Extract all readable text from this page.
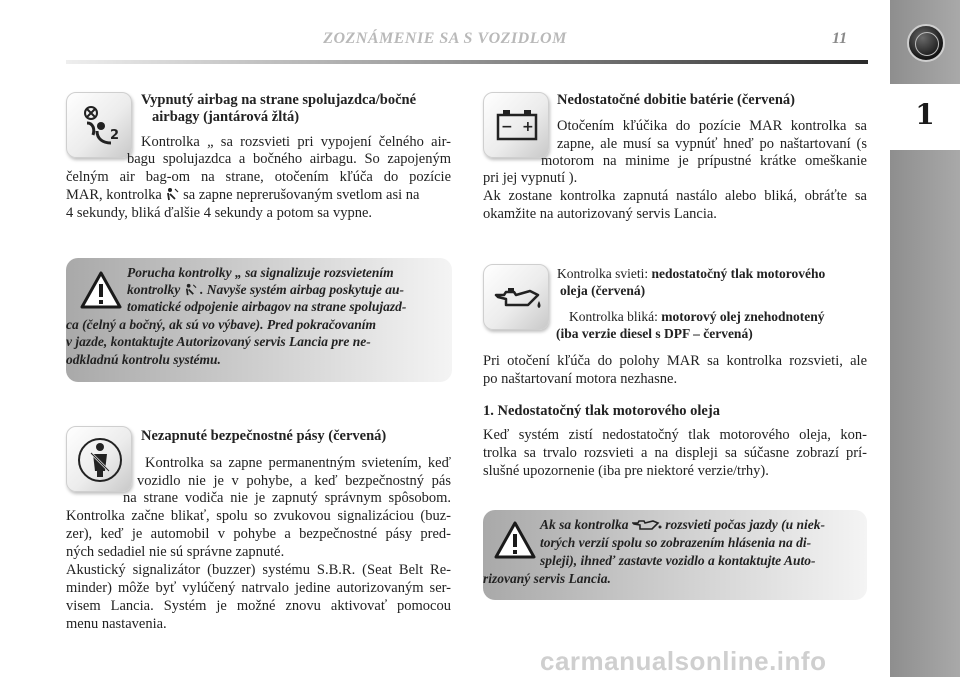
ZOZNÁMENIE SA S VOZIDLOM	11
1
2
Vypnutý airbag na strane spolujazdca/bočné
airbagy (jantárová žltá)
Kontrolka „ sa rozsvieti pri vypojení čelného air-
bagu spolujazdca a bočného airbagu. So zapojeným
čelným air bag-om na strane, otočením kľúča do pozície
MAR, kontrolka sa zapne neprerušovaným svetlom asi na
4 sekundy, bliká ďalšie 4 sekundy a potom sa vypne.
Porucha kontrolky „ sa signalizuje rozsvietením
kontrolky . Navyše systém airbag poskytuje au-
tomatické odpojenie airbagov na strane spolujazd-
ca (čelný a bočný, ak sú vo výbave). Pred pokračovaním
v jazde, kontaktujte Autorizovaný servis Lancia pre ne-
odkladnú kontrolu systému.
Nezapnuté bezpečnostné pásy (červená)
Kontrolka sa zapne permanentným svietením, keď
vozidlo nie je v pohybe, a keď bezpečnostný pás
na strane vodiča nie je zapnutý správnym spôsobom.
Kontrolka začne blikať, spolu so zvukovou signalizáciou (buz-
zer), keď je automobil v pohybe a bezpečnostné pásy pred-
ných sedadiel nie sú správne zapnuté.
Akustický signalizátor (buzzer) systému S.B.R. (Seat Belt Re-
minder) môže byť vylúčený natrvalo jedine autorizovaným ser-
visem Lancia. Systém je možné znovu aktivovať pomocou
menu nastavenia.
− +
Nedostatočné dobitie batérie (červená)
Otočením kľúčika do pozície MAR kontrolka sa
zapne, ale musí sa vypnúť hneď po naštartovaní (s
motorom na minime je prípustné krátke omeškanie
pri jej vypnutí ).
Ak zostane kontrolka zapnutá nastálo alebo bliká, obráťte sa
okamžite na autorizovaný servis Lancia.
Kontrolka svieti: nedostatočný tlak motorového
oleja (červená)
Kontrolka bliká: motorový olej znehodnotený
(iba verzie diesel s DPF – červená)
Pri otočení kľúča do polohy MAR sa kontrolka rozsvieti, ale
po naštartovaní motora nezhasne.
1. Nedostatočný tlak motorového oleja
Keď systém zistí nedostatočný tlak motorového oleja, kon-
trolka sa trvalo rozsvieti a na displeji sa súčasne zobrazí prí-
slušné upozornenie (iba pre niektoré verzie/trhy).
Ak sa kontrolka	rozsvieti počas jazdy (u niek-
torých verzií spolu so zobrazením hlásenia na di-
spleji), ihneď zastavte vozidlo a kontaktujte Auto-
rizovaný servis Lancia.
carmanualsonline.info
